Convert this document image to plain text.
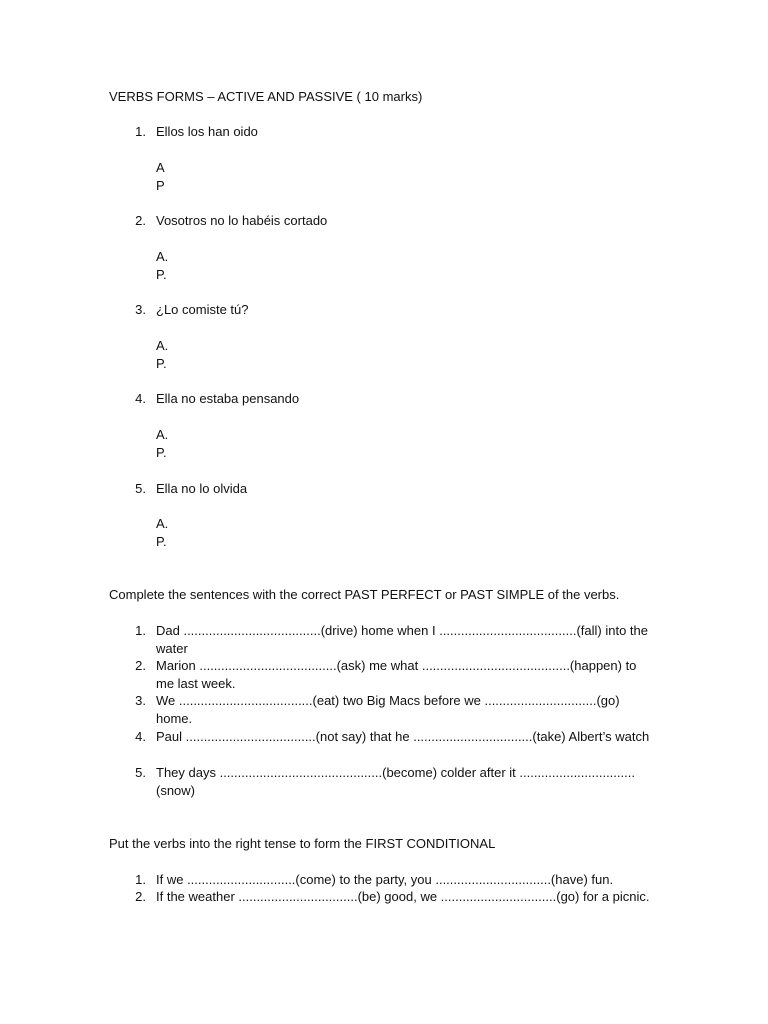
VERBS FORMS – ACTIVE AND PASSIVE ( 10 marks)
1. Ellos los han oido
A
P
2. Vosotros no lo habéis cortado
A.
P.
3. ¿Lo comiste tú?
A.
P.
4. Ella no estaba pensando
A.
P.
5. Ella no lo olvida
A.
P.
Complete the sentences with the correct PAST PERFECT or PAST SIMPLE of the verbs.
1. Dad ......................................(drive) home when I ......................................(fall) into the water
2. Marion ......................................(ask) me what .........................................(happen) to me last week.
3. We .....................................(eat) two Big Macs before we ...............................(go) home.
4. Paul ....................................(not say) that he .................................(take) Albert’s watch
5. They days .............................................(become) colder after it ................................ (snow)
Put the verbs into the right tense to form the FIRST CONDITIONAL
1. If we ..............................(come) to the party, you ................................(have) fun.
2. If the weather .................................(be) good, we ................................(go) for a picnic.
